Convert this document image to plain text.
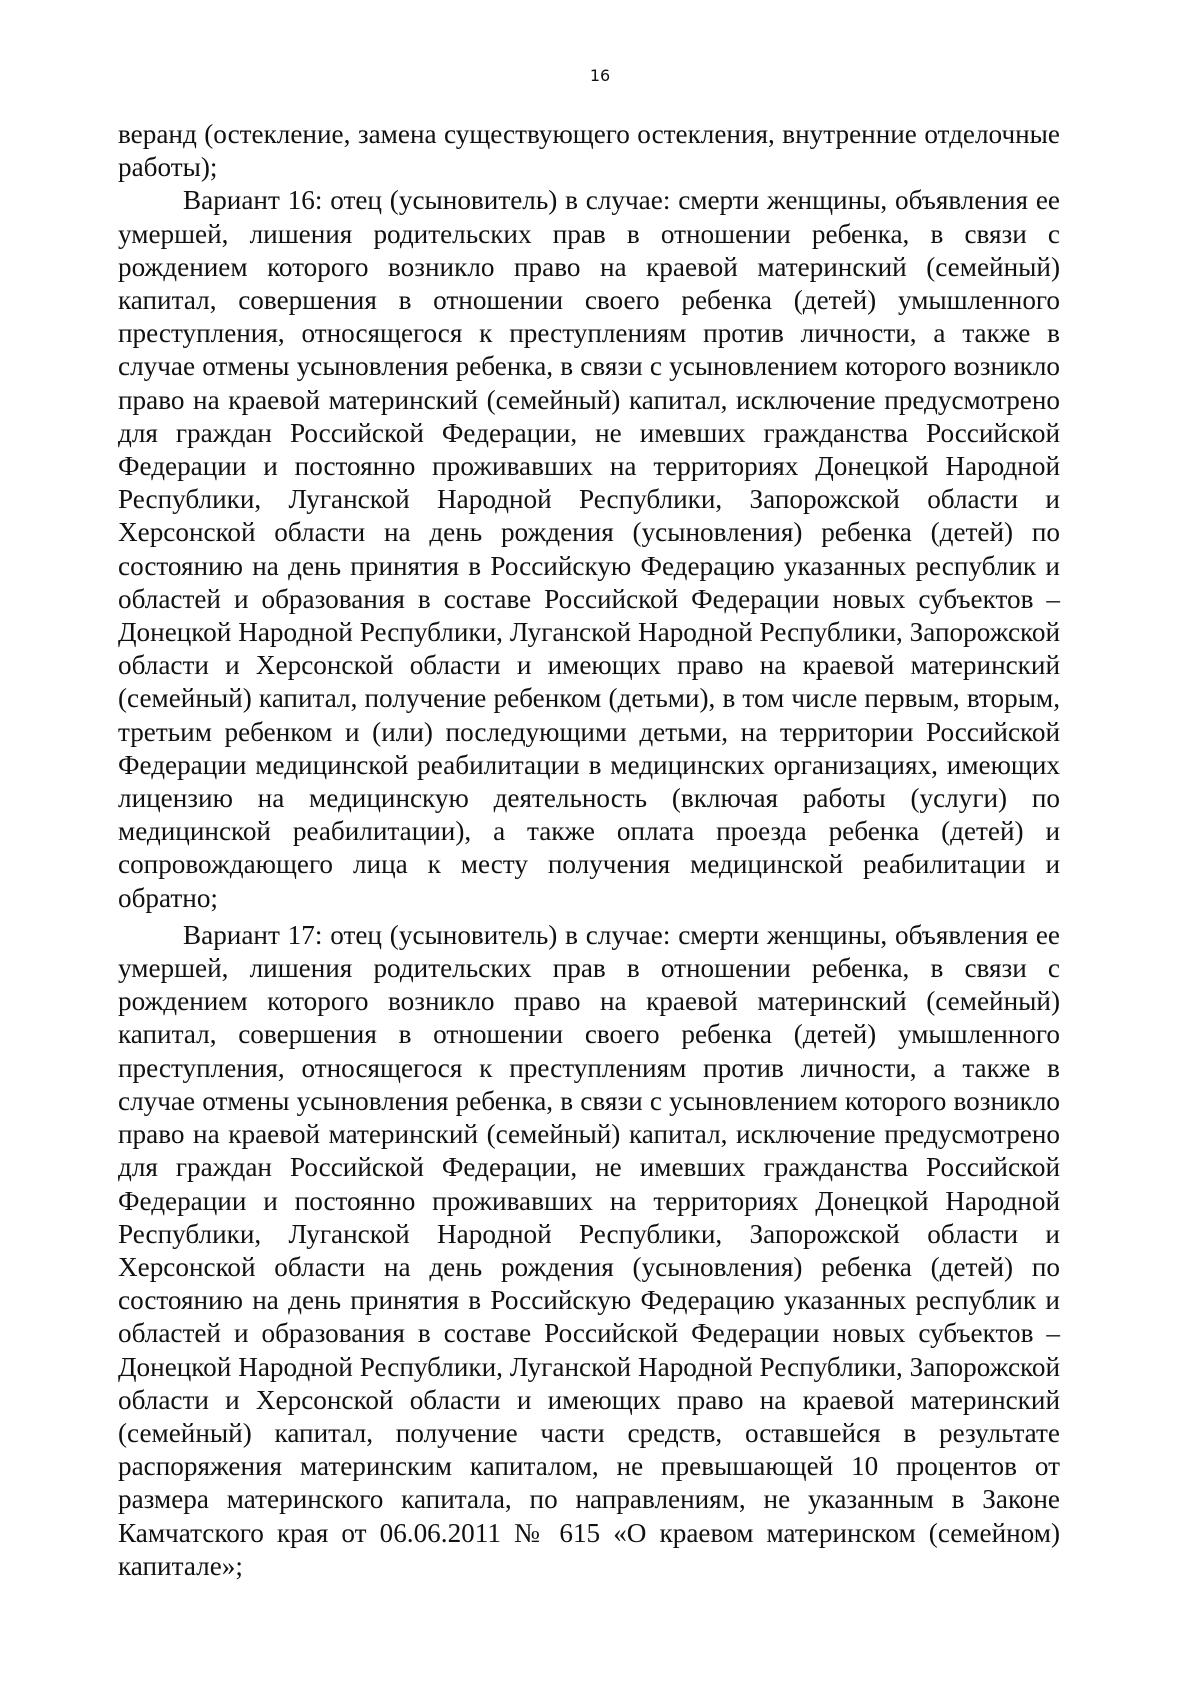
16

веранд (остекление, замена существующего остекления, внутренние отделочные работы);

Вариант 16: отец (усыновитель) в случае: смерти женщины, объявления ее умершей, лишения родительских прав в отношении ребенка, в связи с рождением которого возникло право на краевой материнский (семейный) капитал, совершения в отношении своего ребенка (детей) умышленного преступления, относящегося к преступлениям против личности, а также в случае отмены усыновления ребенка, в связи с усыновлением которого возникло право на краевой материнский (семейный) капитал, исключение предусмотрено для граждан Российской Федерации, не имевших гражданства Российской Федерации и постоянно проживавших на территориях Донецкой Народной Республики, Луганской Народной Республики, Запорожской области и Херсонской области на день рождения (усыновления) ребенка (детей) по состоянию на день принятия в Российскую Федерацию указанных республик и областей и образования в составе Российской Федерации новых субъектов – Донецкой Народной Республики, Луганской Народной Республики, Запорожской области и Херсонской области и имеющих право на краевой материнский (семейный) капитал, получение ребенком (детьми), в том числе первым, вторым, третьим ребенком и (или) последующими детьми, на территории Российской Федерации медицинской реабилитации в медицинских организациях, имеющих лицензию на медицинскую деятельность (включая работы (услуги) по медицинской реабилитации), а также оплата проезда ребенка (детей) и сопровождающего лица к месту получения медицинской реабилитации и обратно;

Вариант 17: отец (усыновитель) в случае: смерти женщины, объявления ее умершей, лишения родительских прав в отношении ребенка, в связи с рождением которого возникло право на краевой материнский (семейный) капитал, совершения в отношении своего ребенка (детей) умышленного преступления, относящегося к преступлениям против личности, а также в случае отмены усыновления ребенка, в связи с усыновлением которого возникло право на краевой материнский (семейный) капитал, исключение предусмотрено для граждан Российской Федерации, не имевших гражданства Российской Федерации и постоянно проживавших на территориях Донецкой Народной Республики, Луганской Народной Республики, Запорожской области и Херсонской области на день рождения (усыновления) ребенка (детей) по состоянию на день принятия в Российскую Федерацию указанных республик и областей и образования в составе Российской Федерации новых субъектов – Донецкой Народной Республики, Луганской Народной Республики, Запорожской области и Херсонской области и имеющих право на краевой материнский (семейный) капитал, получение части средств, оставшейся в результате распоряжения материнским капиталом, не превышающей 10 процентов от размера материнского капитала, по направлениям, не указанным в Законе Камчатского края от 06.06.2011 № 615 «О краевом материнском (семейном) капитале»;
